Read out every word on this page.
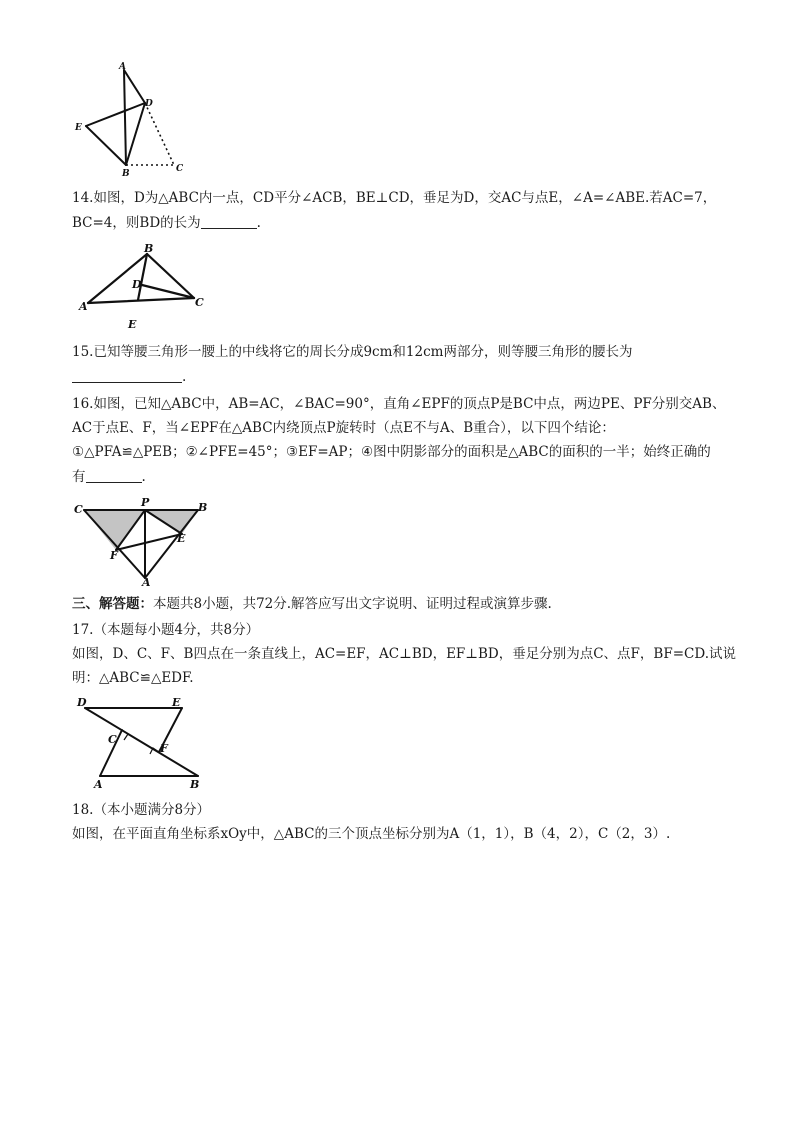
A
D
E
B	C
14.如图，D为△ABC内一点，CD平分∠ACB，BE⊥CD，垂足为D，交AC与点E，∠A=∠ABE.若AC=7，
BC=4，则BD的长为	.
B
D
A	C
E
15.已知等腰三角形一腰上的中线将它的周长分成9cm和12cm两部分，则等腰三角形的腰长为
.
16.如图，已知△ABC中，AB=AC，∠BAC=90°，直角∠EPF的顶点P是BC中点，两边PE、PF分别交AB、
AC于点E、F，当∠EPF在△ABC内绕顶点P旋转时（点E不与A、B重合），以下四个结论：
①△PFA≌△PEB；②∠PFE=45°；③EF=AP；④图中阴影部分的面积是△ABC的面积的一半；始终正确的
有	.
C
P	B
F
E
A
三、解答题：本题共8小题，共72分.解答应写出文字说明、证明过程或演算步骤.
17.（本题每小题4分，共8分）
如图，D、C、F、B四点在一条直线上，AC=EF，AC⊥BD，EF⊥BD，垂足分别为点C、点F，BF=CD.试说
明：△ABC≌△EDF.
D	E
C
F
A	B
18.（本小题满分8分）
如图，在平面直角坐标系xOy中，△ABC的三个顶点坐标分别为A（1，1），B（4，2），C（2，3）.
